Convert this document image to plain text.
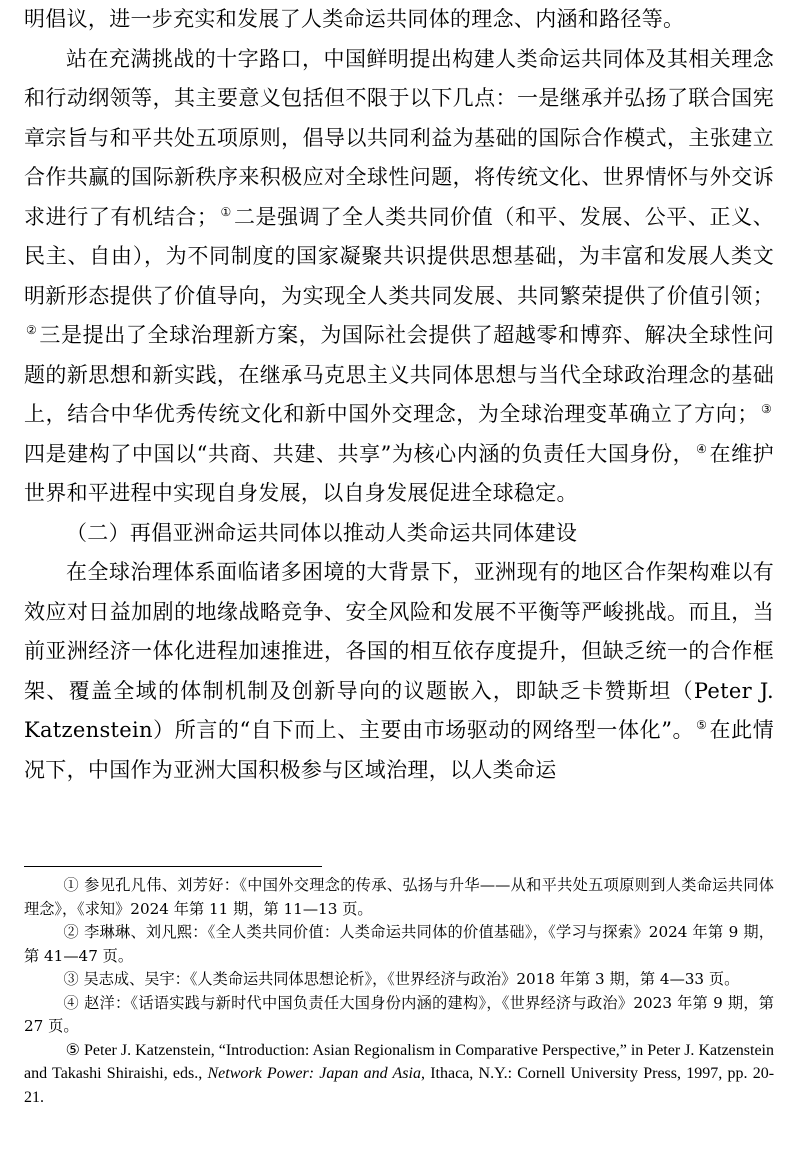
明倡议，进一步充实和发展了人类命运共同体的理念、内涵和路径等。

站在充满挑战的十字路口，中国鲜明提出构建人类命运共同体及其相关理念和行动纲领等，其主要意义包括但不限于以下几点：一是继承并弘扬了联合国宪章宗旨与和平共处五项原则，倡导以共同利益为基础的国际合作模式，主张建立合作共赢的国际新秩序来积极应对全球性问题，将传统文化、世界情怀与外交诉求进行了有机结合； ①二是强调了全人类共同价值（和平、发展、公平、正义、民主、自由），为不同制度的国家凝聚共识提供思想基础，为丰富和发展人类文明新形态提供了价值导向，为实现全人类共同发展、共同繁荣提供了价值引领；②三是提出了全球治理新方案，为国际社会提供了超越零和博弈、解决全球性问题的新思想和新实践，在继承马克思主义共同体思想与当代全球政治理念的基础上，结合中华优秀传统文化和新中国外交理念，为全球治理变革确立了方向； ③四是建构了中国以“共商、共建、共享”为核心内涵的负责任大国身份， ④在维护世界和平进程中实现自身发展，以自身发展促进全球稳定。

（二）再倡亚洲命运共同体以推动人类命运共同体建设

在全球治理体系面临诸多困境的大背景下，亚洲现有的地区合作架构难以有效应对日益加剧的地缘战略竞争、安全风险和发展不平衡等严峻挑战。而且，当前亚洲经济一体化进程加速推进，各国的相互依存度提升，但缺乏统一的合作框架、覆盖全域的体制机制及创新导向的议题嵌入，即缺乏卡赞斯坦（Peter J. Katzenstein）所言的“自下而上、主要由市场驱动的网络型一体化”。 ⑤在此情况下，中国作为亚洲大国积极参与区域治理，以人类命运

① 参见孔凡伟、刘芳好：《中国外交理念的传承、弘扬与升华——从和平共处五项原则到人类命运共同体理念》，《求知》2024 年第 11 期，第 11—13 页。

② 李琳琳、刘凡熙：《全人类共同价值：人类命运共同体的价值基础》，《学习与探索》2024 年第 9 期，第 41—47 页。

③ 吴志成、吴宇：《人类命运共同体思想论析》，《世界经济与政治》2018 年第 3 期，第 4—33 页。

④ 赵洋：《话语实践与新时代中国负责任大国身份内涵的建构》，《世界经济与政治》2023 年第 9 期，第 27 页。

⑤ Peter J. Katzenstein, “Introduction: Asian Regionalism in Comparative Perspective,” in Peter J. Katzenstein and Takashi Shiraishi, eds., Network Power: Japan and Asia, Ithaca, N.Y.: Cornell University Press, 1997, pp. 20-21.
